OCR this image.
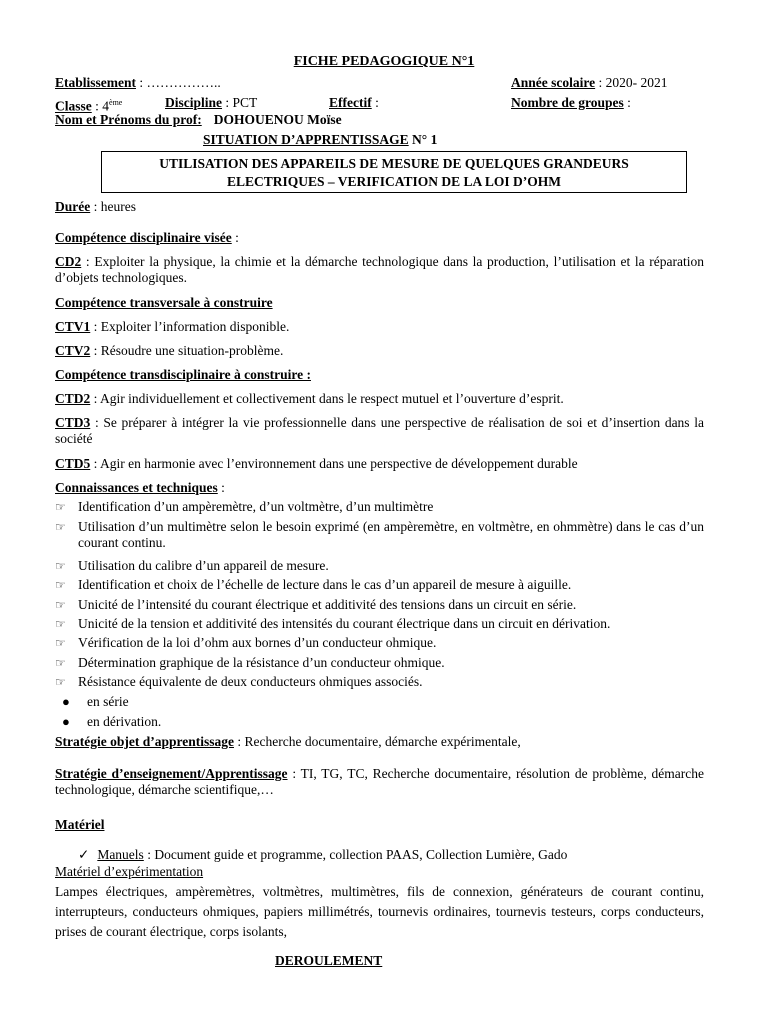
FICHE PEDAGOGIQUE N°1
Etablissement : ……………..	Année scolaire : 2020- 2021
Classe : 4ème	Discipline : PCT	Effectif :	Nombre de groupes :
Nom et Prénoms du prof: DOHOUENOU Moïse
SITUATION D’APPRENTISSAGE N° 1
UTILISATION DES APPAREILS DE MESURE DE QUELQUES GRANDEURS
ELECTRIQUES – VERIFICATION DE LA LOI D’OHM
Durée : heures
Compétence disciplinaire visée :
CD2 : Exploiter la physique, la chimie et la démarche technologique dans la production, l’utilisation et la réparation d’objets technologiques.
Compétence transversale à construire
CTV1 : Exploiter l’information disponible.
CTV2 : Résoudre une situation-problème.
Compétence transdisciplinaire à construire :
CTD2 : Agir individuellement et collectivement dans le respect mutuel et l’ouverture d’esprit.
CTD3 : Se préparer à intégrer la vie professionnelle dans une perspective de réalisation de soi et d’insertion dans la société
CTD5 : Agir en harmonie avec l’environnement dans une perspective de développement durable
Connaissances et techniques :
☞ Identification d’un ampèremètre, d’un voltmètre, d’un multimètre
☞ Utilisation d’un multimètre selon le besoin exprimé (en ampèremètre, en voltmètre, en ohmmètre) dans le cas d’un courant continu.
☞ Utilisation du calibre d’un appareil de mesure.
☞ Identification et choix de l’échelle de lecture dans le cas d’un appareil de mesure à aiguille.
☞ Unicité de l’intensité du courant électrique et additivité des tensions dans un circuit en série.
☞ Unicité de la tension et additivité des intensités du courant électrique dans un circuit en dérivation.
☞ Vérification de la loi d’ohm aux bornes d’un conducteur ohmique.
☞ Détermination graphique de la résistance d’un conducteur ohmique.
☞ Résistance équivalente de deux conducteurs ohmiques associés.
● en série
● en dérivation.
Stratégie objet d’apprentissage : Recherche documentaire, démarche expérimentale,
Stratégie d’enseignement/Apprentissage : TI, TG, TC, Recherche documentaire, résolution de problème, démarche technologique, démarche scientifique,…
Matériel
✓ Manuels : Document guide et programme, collection PAAS, Collection Lumière, Gado
Matériel d’expérimentation
Lampes électriques, ampèremètres, voltmètres, multimètres, fils de connexion, générateurs de courant continu, interrupteurs, conducteurs ohmiques, papiers millimétrés, tournevis ordinaires, tournevis testeurs, corps conducteurs, prises de courant électrique, corps isolants,
DEROULEMENT
